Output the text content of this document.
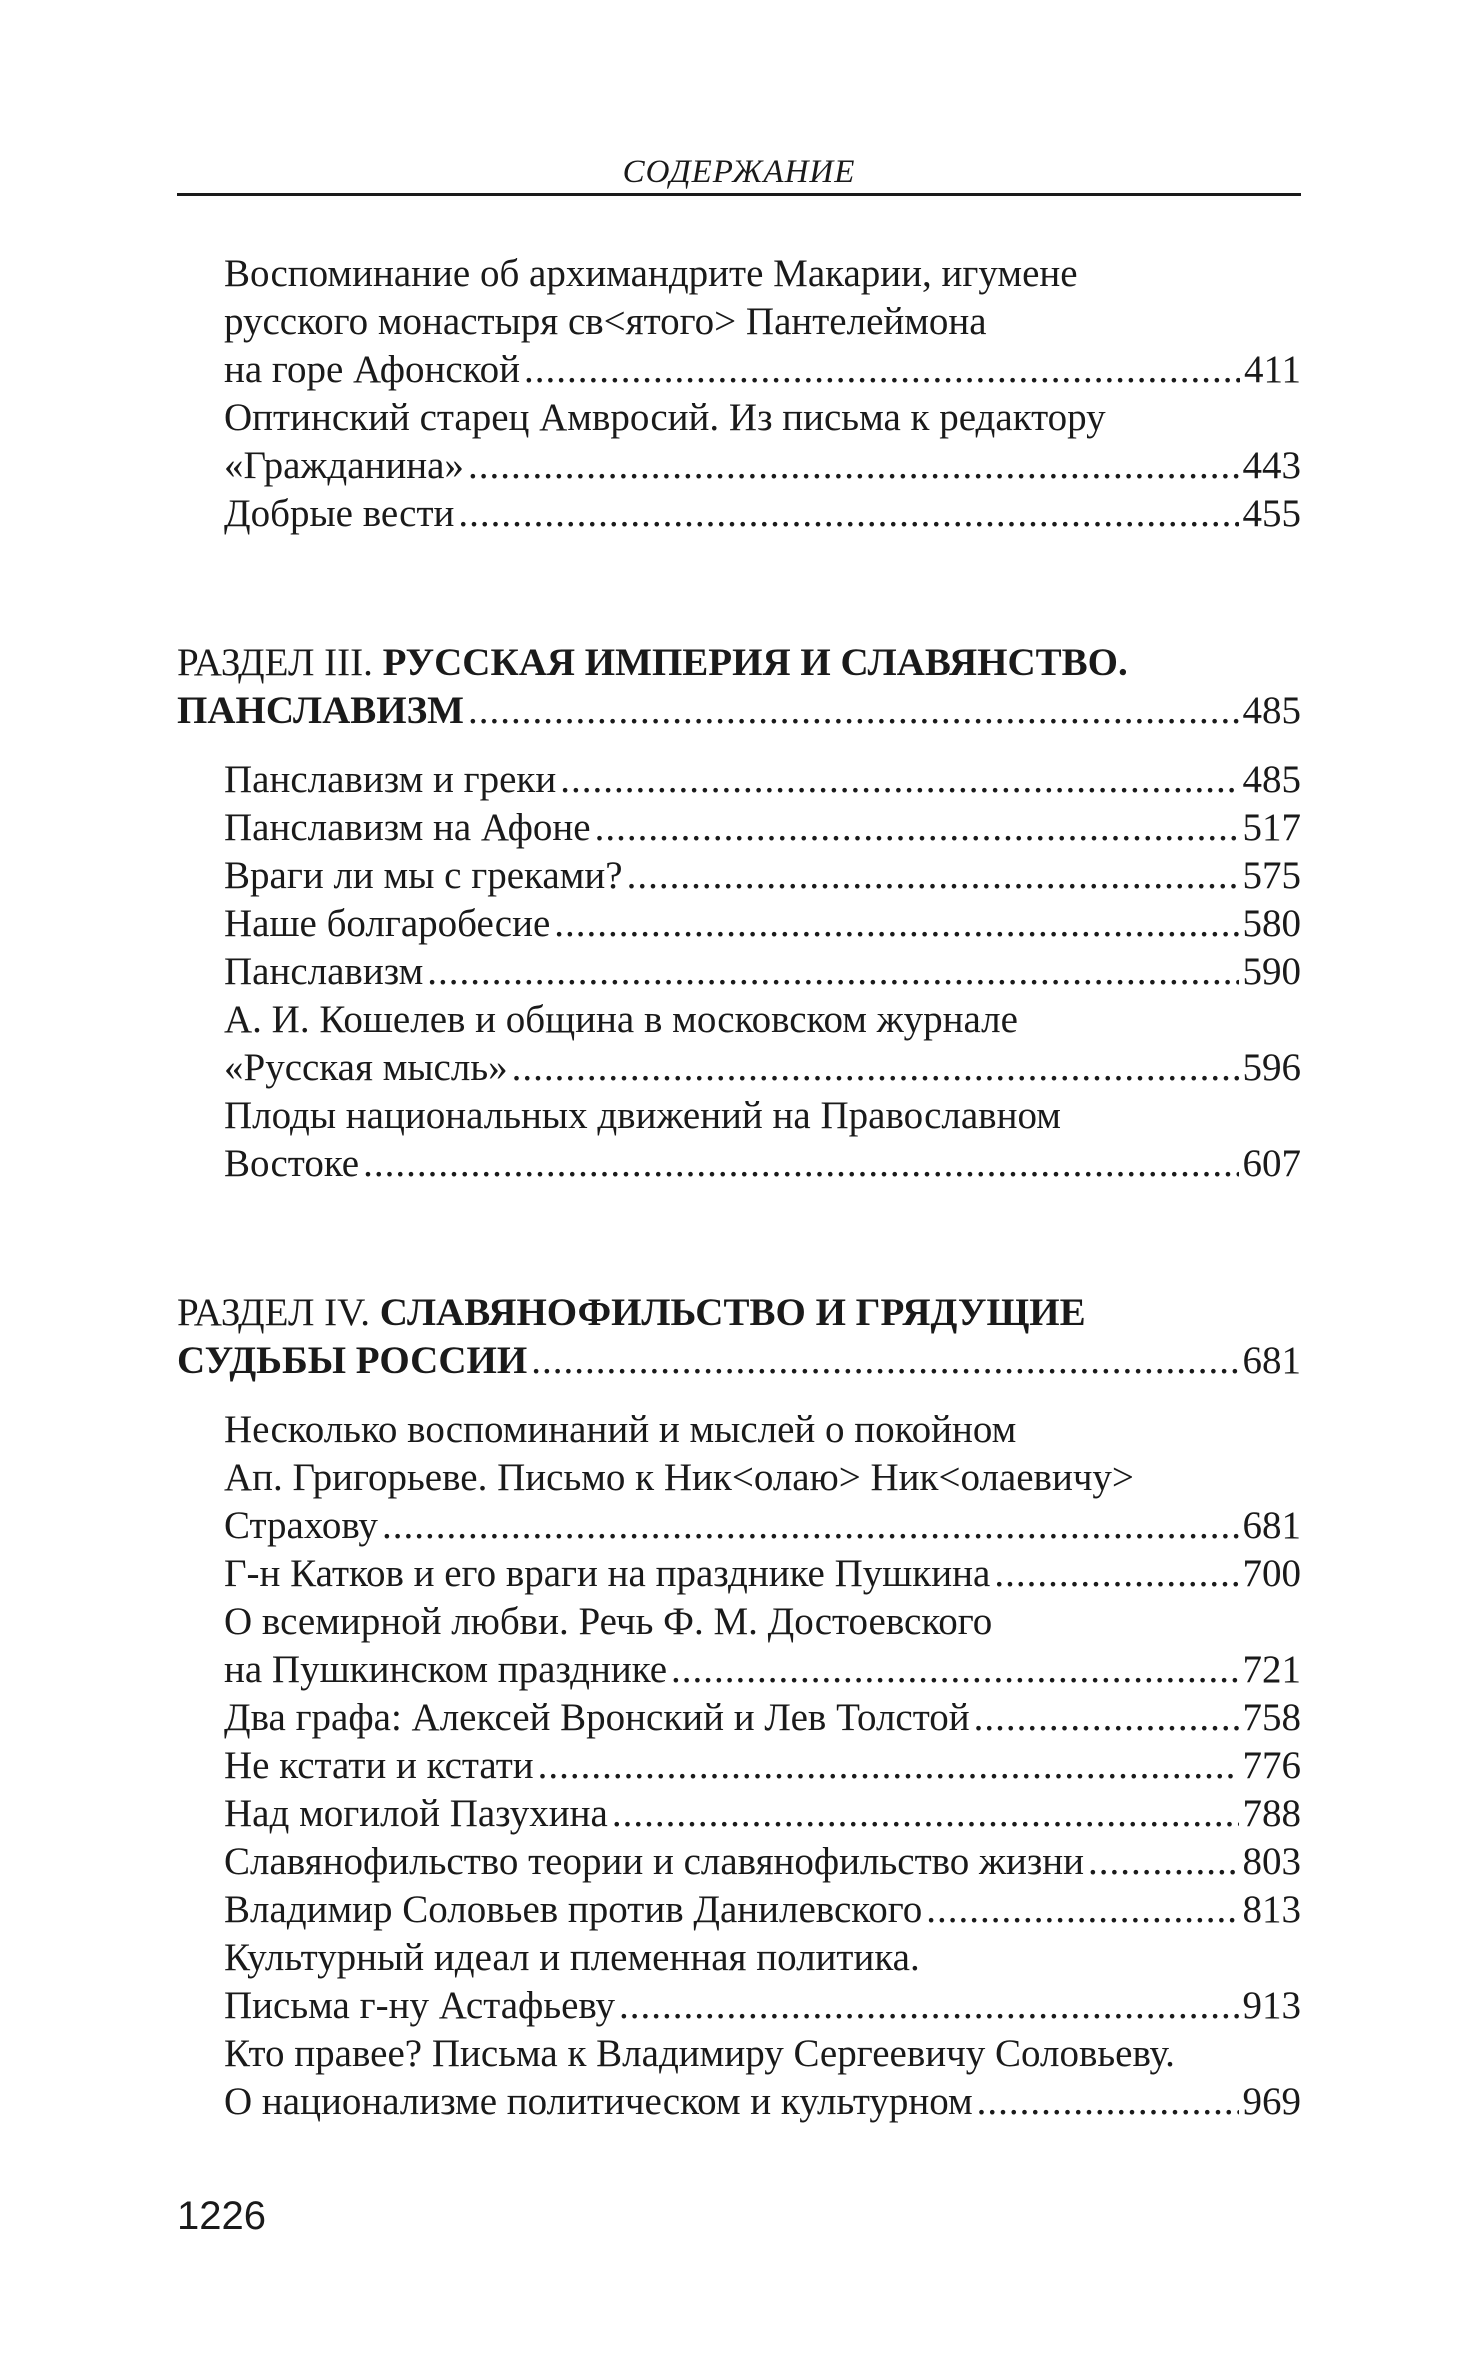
СОДЕРЖАНИЕ
Воспоминание об архимандрите Макарии, игумене
русского монастыря св<ятого> Пантелеймона
на горе Афонской .....	411
Оптинский старец Амвросий. Из письма к редактору
«Гражданина» .....	443
Добрые вести .....	455
РАЗДЕЛ III. РУССКАЯ ИМПЕРИЯ И СЛАВЯНСТВО.
ПАНСЛАВИЗМ .....	485
Панславизм и греки .....	485
Панславизм на Афоне .....	517
Враги ли мы с греками? .....	575
Наше болгаробесие .....	580
Панславизм .....	590
А. И. Кошелев и община в московском журнале
«Русская мысль» .....	596
Плоды национальных движений на Православном
Востоке .....	607
РАЗДЕЛ IV. СЛАВЯНОФИЛЬСТВО И ГРЯДУЩИЕ
СУДЬБЫ РОССИИ .....	681
Несколько воспоминаний и мыслей о покойном
Ап. Григорьеве. Письмо к Ник<олаю> Ник<олаевичу>
Страхову .....	681
Г-н Катков и его враги на празднике Пушкина .....	700
О всемирной любви. Речь Ф. М. Достоевского
на Пушкинском празднике .....	721
Два графа: Алексей Вронский и Лев Толстой .....	758
Не кстати и кстати .....	776
Над могилой Пазухина .....	788
Славянофильство теории и славянофильство жизни .....	803
Владимир Соловьев против Данилевского .....	813
Культурный идеал и племенная политика.
Письма г-ну Астафьеву .....	913
Кто правее? Письма к Владимиру Сергеевичу Соловьеву.
О национализме политическом и культурном .....	969
1226
